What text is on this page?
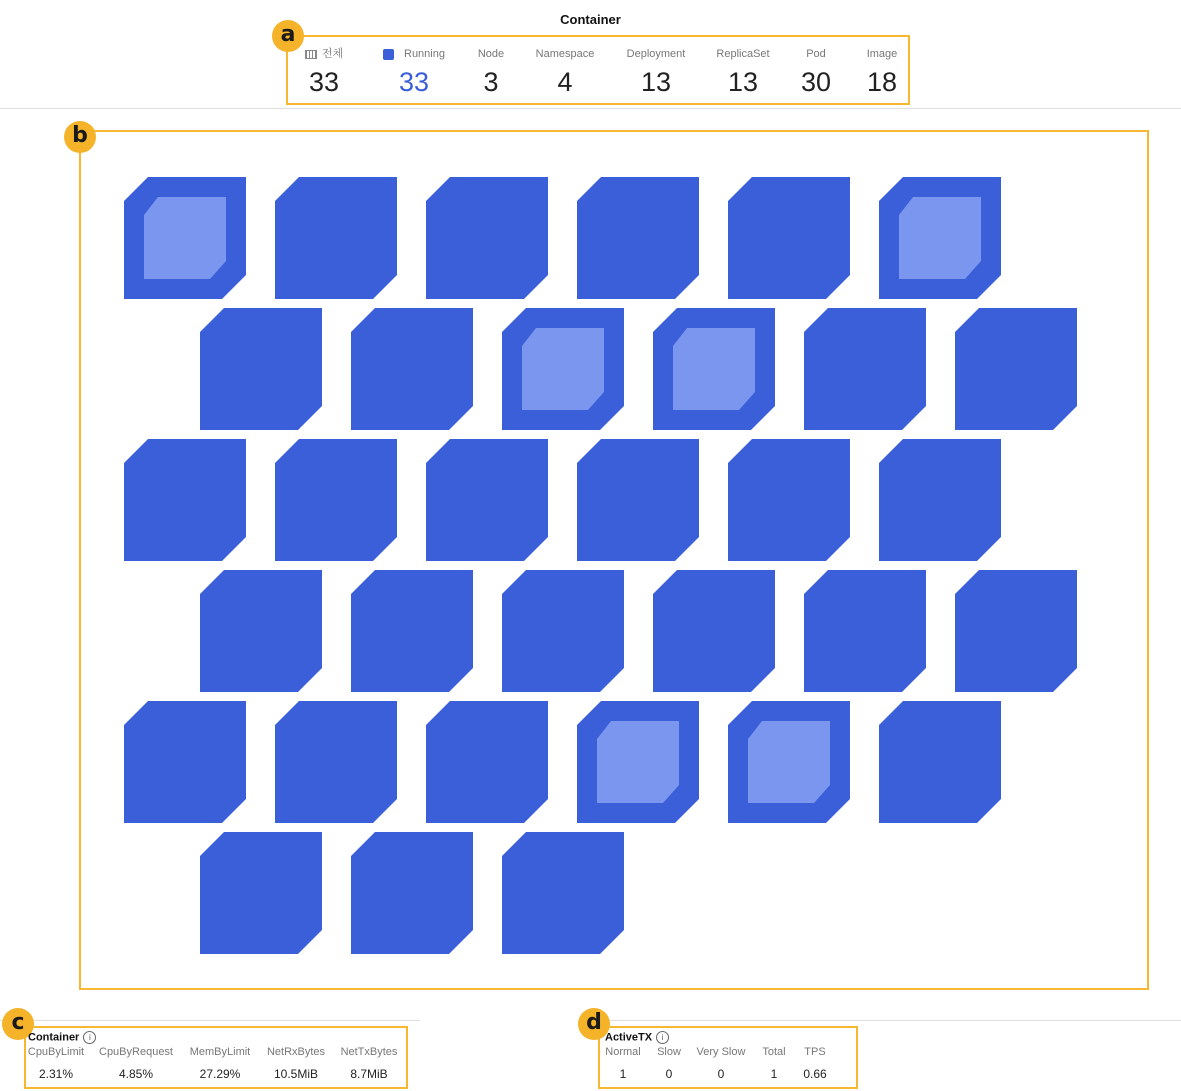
Container
a
전체
33
Running
33
Node
3
Namespace
4
Deployment
13
ReplicaSet
13
Pod
30
Image
18
b
c
Container i
CpuByLimit
2.31%
CpuByRequest
4.85%
MemByLimit
27.29%
NetRxBytes
10.5MiB
NetTxBytes
8.7MiB
d
ActiveTX i
Normal
1
Slow
0
Very Slow
0
Total
1
TPS
0.66
